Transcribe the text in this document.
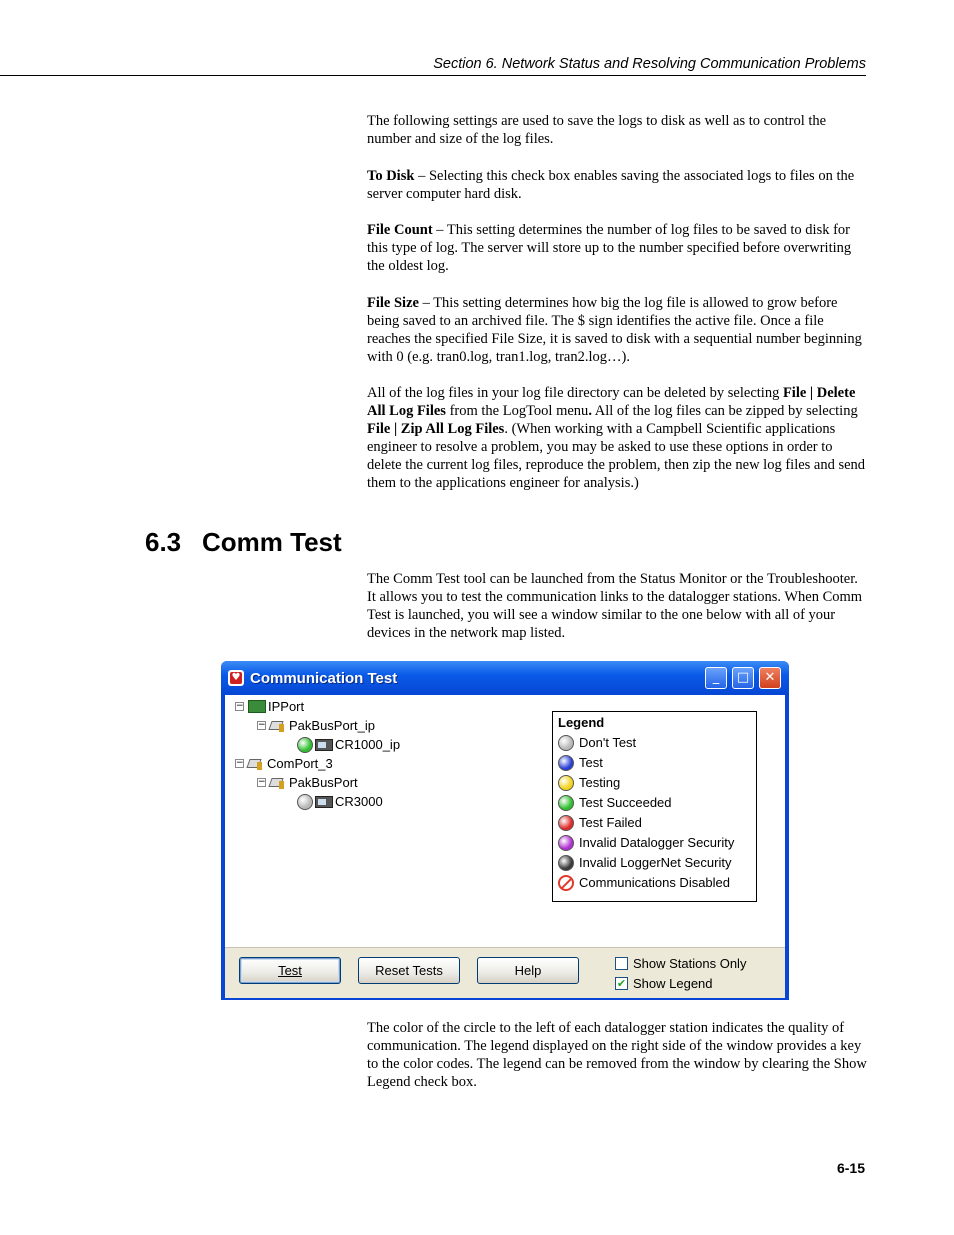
Section 6. Network Status and Resolving Communication Problems

The following settings are used to save the logs to disk as well as to control the number and size of the log files.

To Disk – Selecting this check box enables saving the associated logs to files on the server computer hard disk.

File Count – This setting determines the number of log files to be saved to disk for this type of log. The server will store up to the number specified before overwriting the oldest log.

File Size – This setting determines how big the log file is allowed to grow before being saved to an archived file. The $ sign identifies the active file. Once a file reaches the specified File Size, it is saved to disk with a sequential number beginning with 0 (e.g. tran0.log, tran1.log, tran2.log…).

All of the log files in your log file directory can be deleted by selecting File | Delete All Log Files from the LogTool menu. All of the log files can be zipped by selecting File | Zip All Log Files. (When working with a Campbell Scientific applications engineer to resolve a problem, you may be asked to use these options in order to delete the current log files, reproduce the problem, then zip the new log files and send them to the applications engineer for analysis.)

6.3 Comm Test

The Comm Test tool can be launched from the Status Monitor or the Troubleshooter. It allows you to test the communication links to the datalogger stations. When Comm Test is launched, you will see a window similar to the one below with all of your devices in the network map listed.

♥ Communication Test	_	□	✕
− IPPort
− PakBusPort_ip
CR1000_ip
− ComPort_3
− PakBusPort
CR3000
Legend
Don't Test
Test
Testing
Test Succeeded
Test Failed
Invalid Datalogger Security
Invalid LoggerNet Security
Communications Disabled
Test	Reset Tests	Help	Show Stations Only
✔ Show Legend

The color of the circle to the left of each datalogger station indicates the quality of communication. The legend displayed on the right side of the window provides a key to the color codes. The legend can be removed from the window by clearing the Show Legend check box.

6-15
